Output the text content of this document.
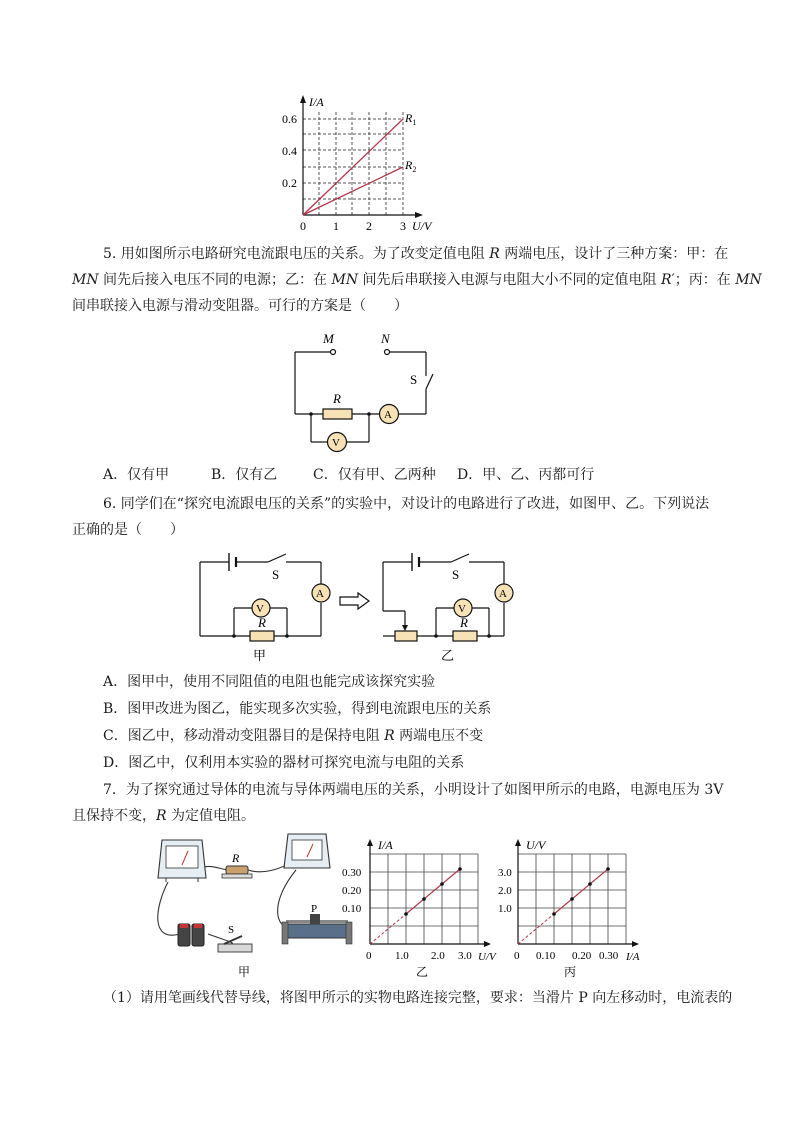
I/A
0.6
0.4
0.2
0 1 2 3 U/V
$R_1$
$R_2$
5. 用如图所示电路研究电流跟电压的关系。为了改变定值电阻 R 两端电压，设计了三种方案：甲：在
MN 间先后接入电压不同的电源；乙：在 MN 间先后串联接入电源与电阻大小不同的定值电阻 R′；丙：在 MN
间串联接入电源与滑动变阻器。可行的方案是（　　）
M	N
S
R
A
V
A．仅有甲	B．仅有乙	C．仅有甲、乙两种 D．甲、乙、丙都可行
6. 同学们在“探究电流跟电压的关系”的实验中，对设计的电路进行了改进，如图甲、乙。下列说法
正确的是（　　）
S
R
V
A
甲
S
R
V
A
乙
A．图甲中，使用不同阻值的电阻也能完成该探究实验
B．图甲改进为图乙，能实现多次实验，得到电流跟电压的关系
C．图乙中，移动滑动变阻器目的是保持电阻 R 两端电压不变
D．图乙中，仅利用本实验的器材可探究电流与电阻的关系
7．为了探究通过导体的电流与导体两端电压的关系，小明设计了如图甲所示的电路，电源电压为 3V
且保持不变，R 为定值电阻。
R
S
P
甲
I/A
0.30
0.20
0.10
0 1.0 2.0 3.0 U/V
乙
U/V
3.0
2.0
1.0
0 0.10 0.20 0.30 I/A
丙
（1）请用笔画线代替导线，将图甲所示的实物电路连接完整，要求：当滑片 P 向左移动时，电流表的
